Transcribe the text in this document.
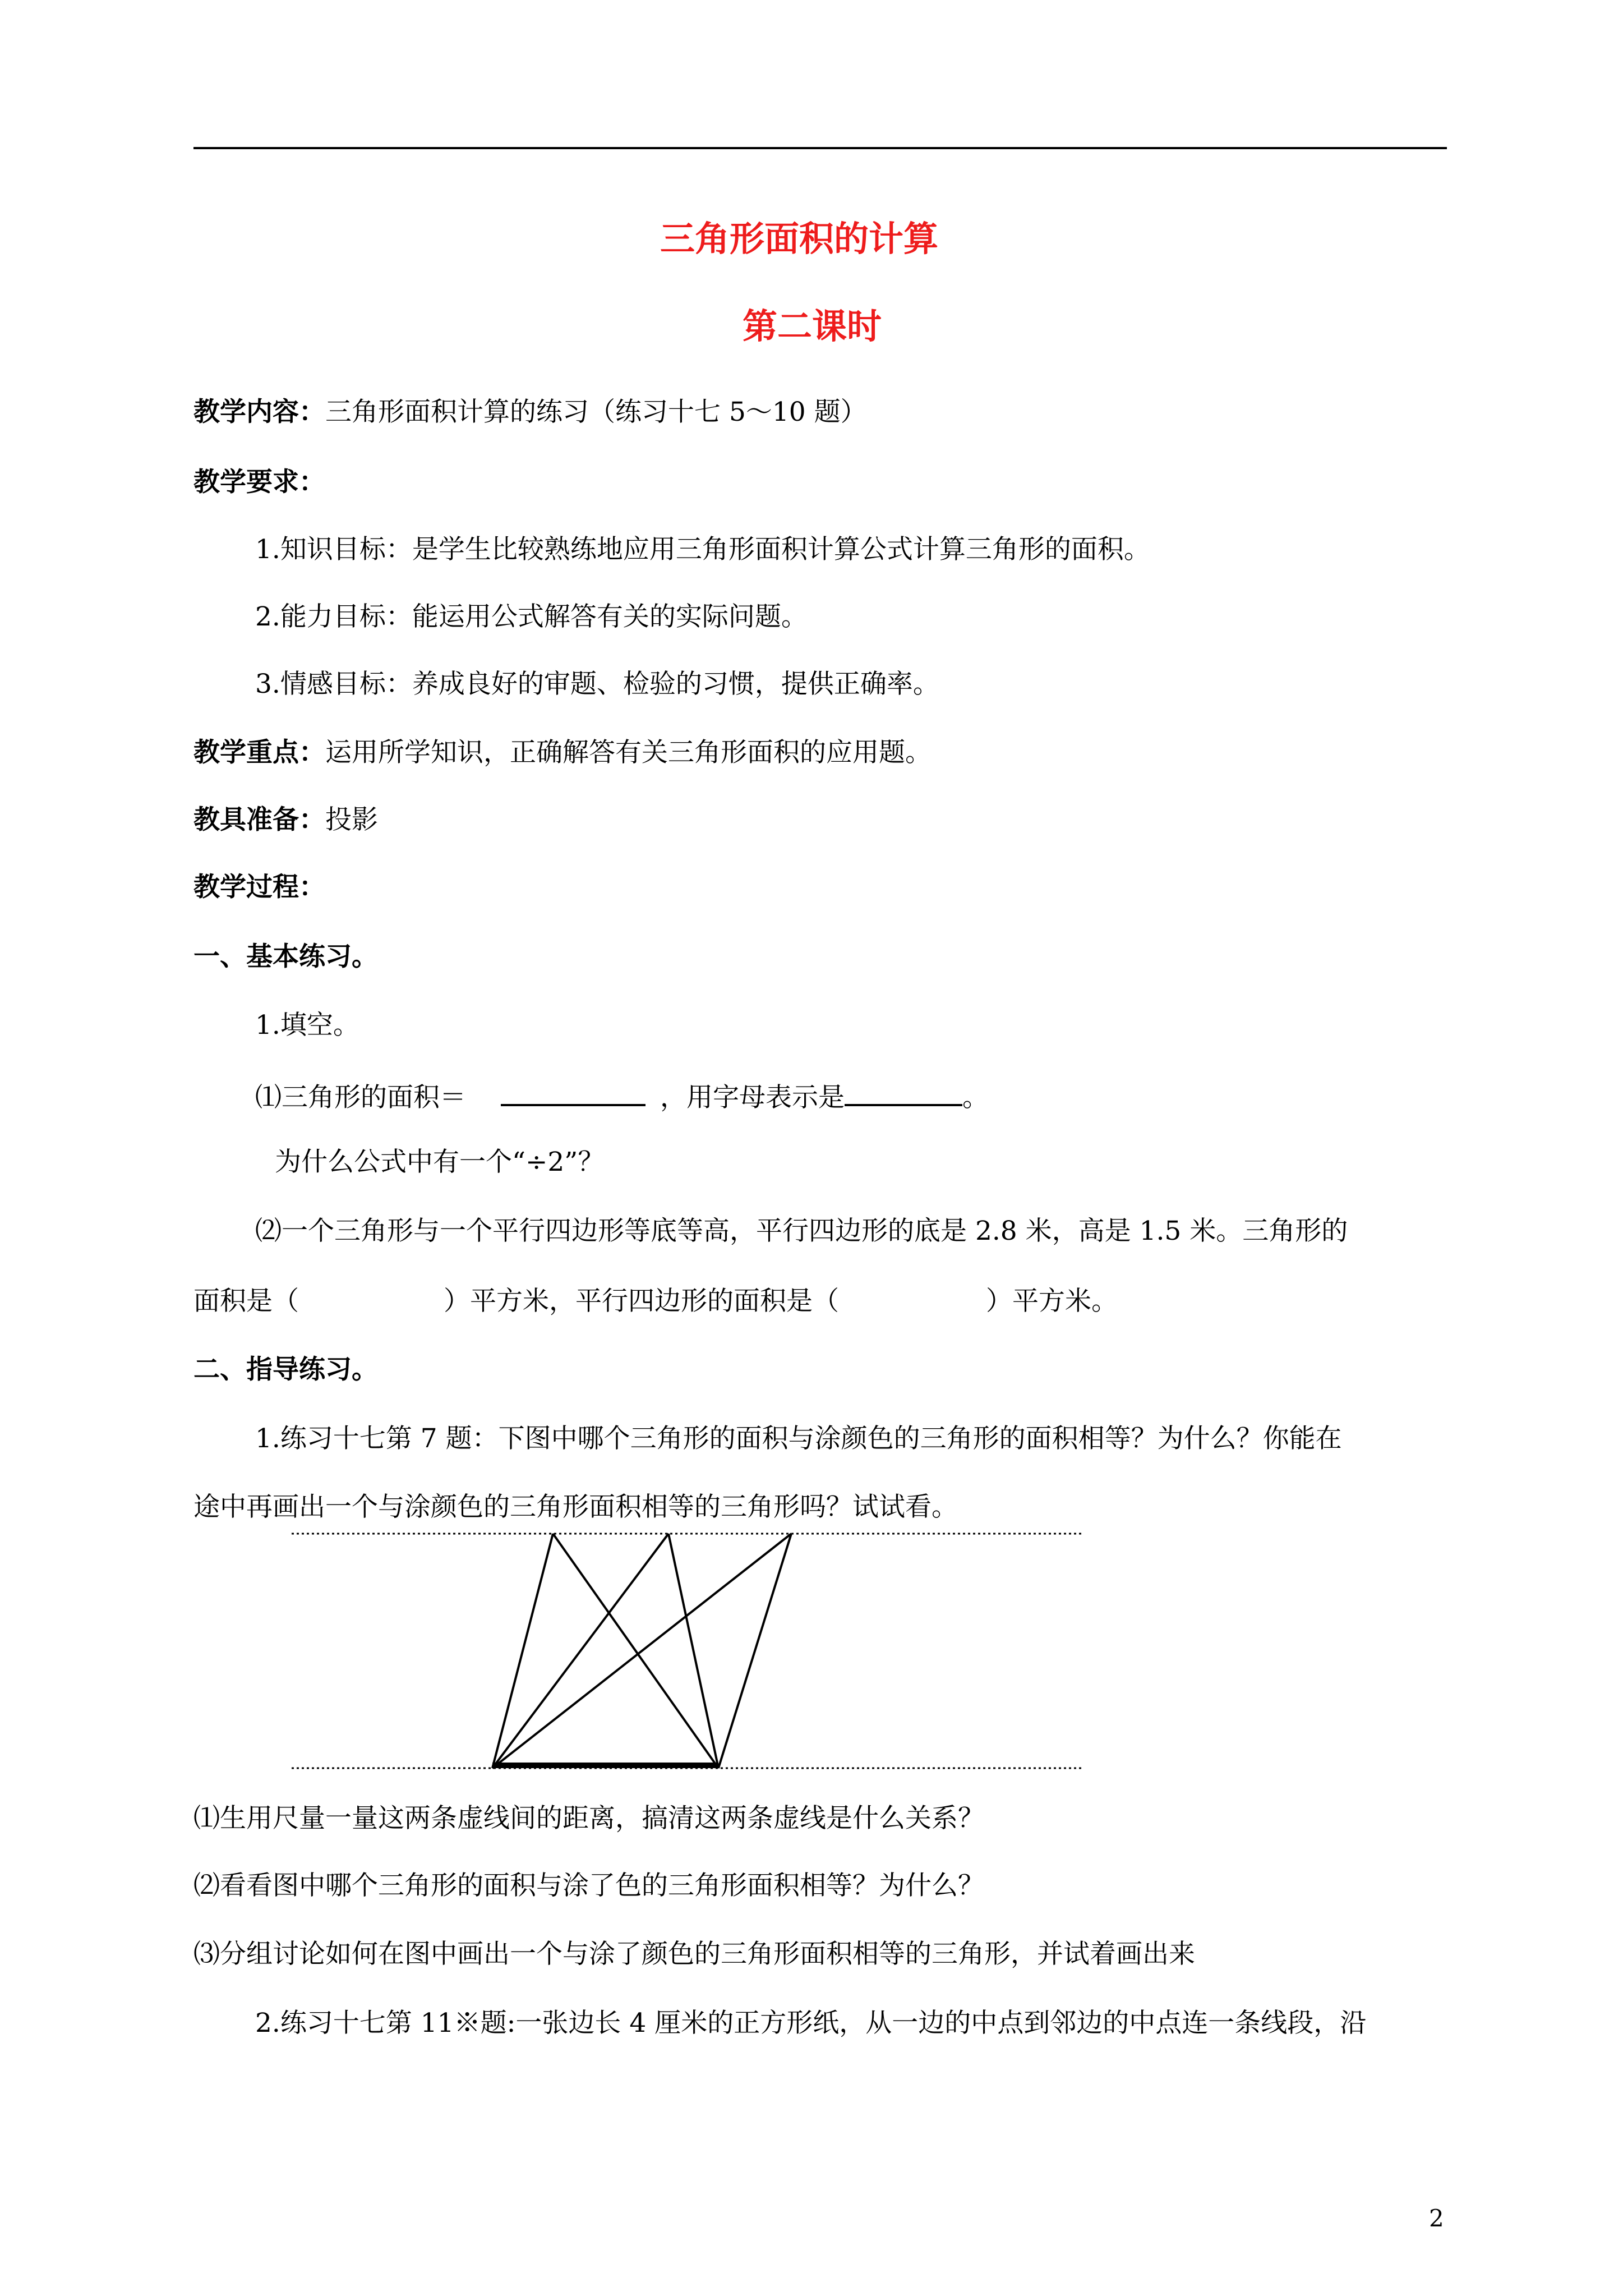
三角形面积的计算
第二课时
教学内容：三角形面积计算的练习（练习十七 5～10 题）
教学要求：
1.知识目标：是学生比较熟练地应用三角形面积计算公式计算三角形的面积。
2.能力目标：能运用公式解答有关的实际问题。
3.情感目标：养成良好的审题、检验的习惯，提供正确率。
教学重点：运用所学知识，正确解答有关三角形面积的应用题。
教具准备：投影
教学过程：
一、基本练习。
1.填空。
⑴三角形的面积＝	，用字母表示是	。
为什么公式中有一个“÷2”？
⑵一个三角形与一个平行四边形等底等高，平行四边形的底是 2.8 米，高是 1.5 米。三角形的
面积是（	）平方米，平行四边形的面积是（	）平方米。
二、指导练习。
1.练习十七第 7 题：下图中哪个三角形的面积与涂颜色的三角形的面积相等？为什么？你能在
途中再画出一个与涂颜色的三角形面积相等的三角形吗？试试看。
⑴生用尺量一量这两条虚线间的距离，搞清这两条虚线是什么关系？
⑵看看图中哪个三角形的面积与涂了色的三角形面积相等？为什么？
⑶分组讨论如何在图中画出一个与涂了颜色的三角形面积相等的三角形，并试着画出来
2.练习十七第 11※题:一张边长 4 厘米的正方形纸，从一边的中点到邻边的中点连一条线段，沿
2
